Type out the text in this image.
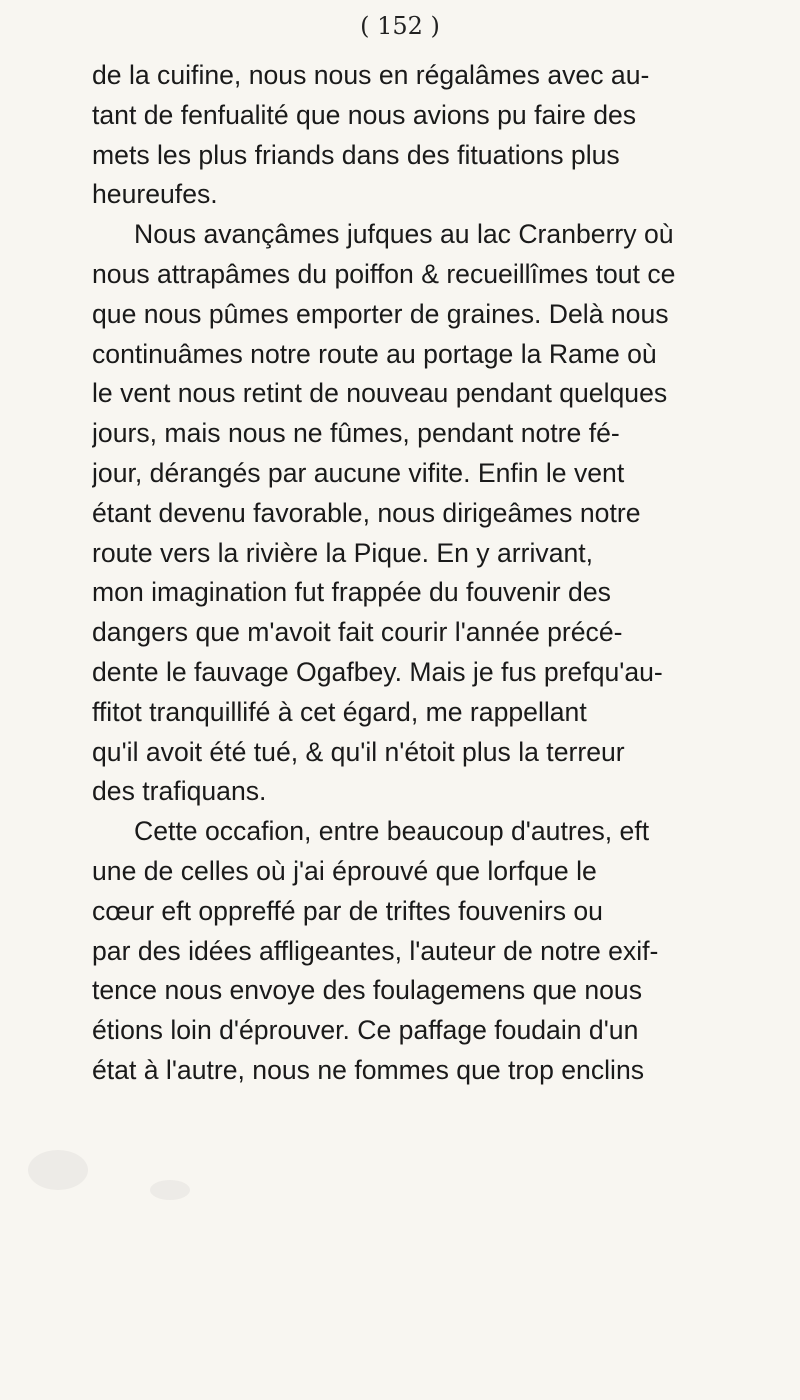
( 152 )
de la cuifine, nous nous en régalâmes avec au-
tant de fenfualité que nous avions pu faire des
mets les plus friands dans des fituations plus
heureufes.
Nous avançâmes jufques au lac Cranberry où
nous attrapâmes du poiffon & recueillîmes tout ce
que nous pûmes emporter de graines. Delà nous
continuâmes notre route au portage la Rame où
le vent nous retint de nouveau pendant quelques
jours, mais nous ne fûmes, pendant notre fé-
jour, dérangés par aucune vifite. Enfin le vent
étant devenu favorable, nous dirigeâmes notre
route vers la rivière la Pique. En y arrivant,
mon imagination fut frappée du fouvenir des
dangers que m'avoit fait courir l'année précé-
dente le fauvage Ogafbey. Mais je fus prefqu'au-
ffitot tranquillifé à cet égard, me rappellant
qu'il avoit été tué, & qu'il n'étoit plus la terreur
des trafiquans.
Cette occafion, entre beaucoup d'autres, eft
une de celles où j'ai éprouvé que lorfque le
cœur eft oppreffé par de triftes fouvenirs ou
par des idées affligeantes, l'auteur de notre exif-
tence nous envoye des foulagemens que nous
étions loin d'éprouver. Ce paffage foudain d'un
état à l'autre, nous ne fommes que trop enclins
